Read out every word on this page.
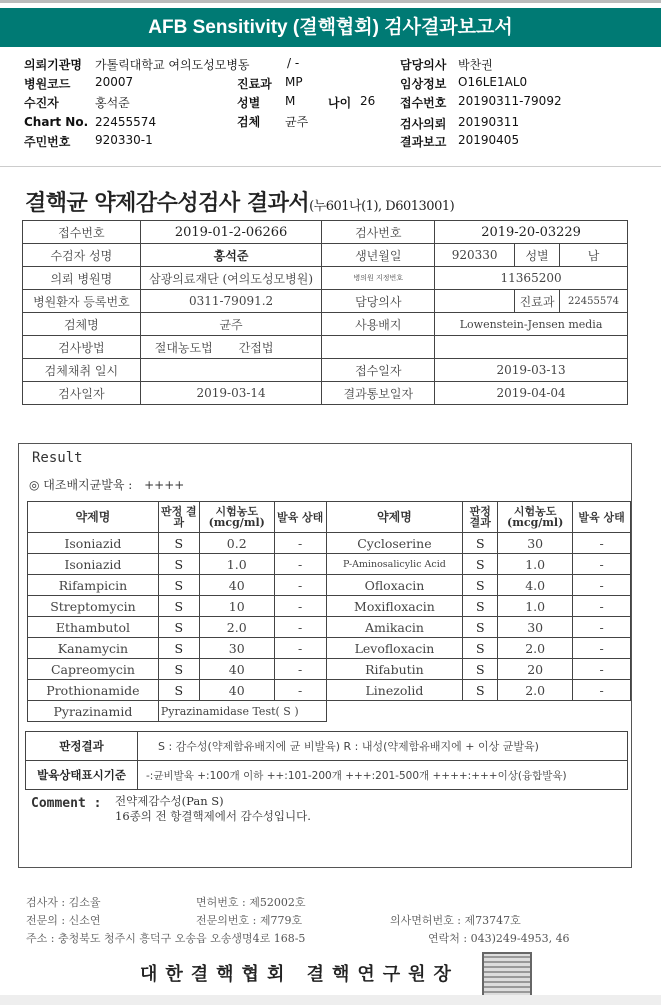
AFB Sensitivity (결핵협회) 검사결과보고서
의뢰기관명 가톨릭대학교 여의도성모병동	/ -	담당의사 박찬권
병원코드 20007	진료과 MP	임상정보 O16LE1AL0
수진자	홍석준	성별 M	나이 26 접수번호 20190311-79092
Chart No. 22455574	검체 균주	검사의뢰 20190311
주민번호 920330-1	결과보고 20190405
결핵균 약제감수성검사 결과서(누601나(1), D6013001)
접수번호	2019-01-2-06266	검사번호	2019-20-03229		
수검자 성명	홍석준	생년월일	920330	성별	남
의뢰 병원명	삼광의료재단 (여의도성모병원)	병의원 지정번호	11365200		
병원환자 등록번호	0311-79091.2	담당의사		진료과	22455574
검체명	균주	사용배지	Lowenstein-Jensen media		
검사방법	절대농도법 간접법				
검체채취 일시		접수일자	2019-03-13		
검사일자	2019-03-14	결과통보일자	2019-04-04		
Result
◎ 대조배지균발육 : ++++
약제명	판정 결과	시험농도 (mcg/ml)	발육 상태	약제명	판정 결과	시험농도 (mcg/ml)	발육 상태
Isoniazid	S	0.2	-	Cycloserine	S	30	-
Isoniazid	S	1.0	-	P-Aminosalicylic Acid	S	1.0	-
Rifampicin	S	40	-	Ofloxacin	S	4.0	-
Streptomycin	S	10	-	Moxifloxacin	S	1.0	-
Ethambutol	S	2.0	-	Amikacin	S	30	-
Kanamycin	S	30	-	Levofloxacin	S	2.0	-
Capreomycin	S	40	-	Rifabutin	S	20	-
Prothionamide	S	40	-	Linezolid	S	2.0	-
Pyrazinamid	Pyrazinamidase Test( S )						
판정결과	S : 감수성(약제함유배지에 균 비발육) R : 내성(약제함유배지에 + 이상 균발육)
발육상태표시기준	-:균비발육 +:100개 이하 ++:101-200개 +++:201-500개 ++++:+++이상(융합발육)
Comment : 전약제감수성(Pan S)
16종의 전 항결핵제에서 감수성입니다.
검사자 : 김소율	면허번호 : 제52002호
전문의 : 신소연	전문의번호 : 제779호	의사면허번호 : 제73747호
주소 : 충청북도 청주시 흥덕구 오송읍 오송생명4로 168-5	연락처 : 043)249-4953, 46
대한결핵협회 결핵연구원장
